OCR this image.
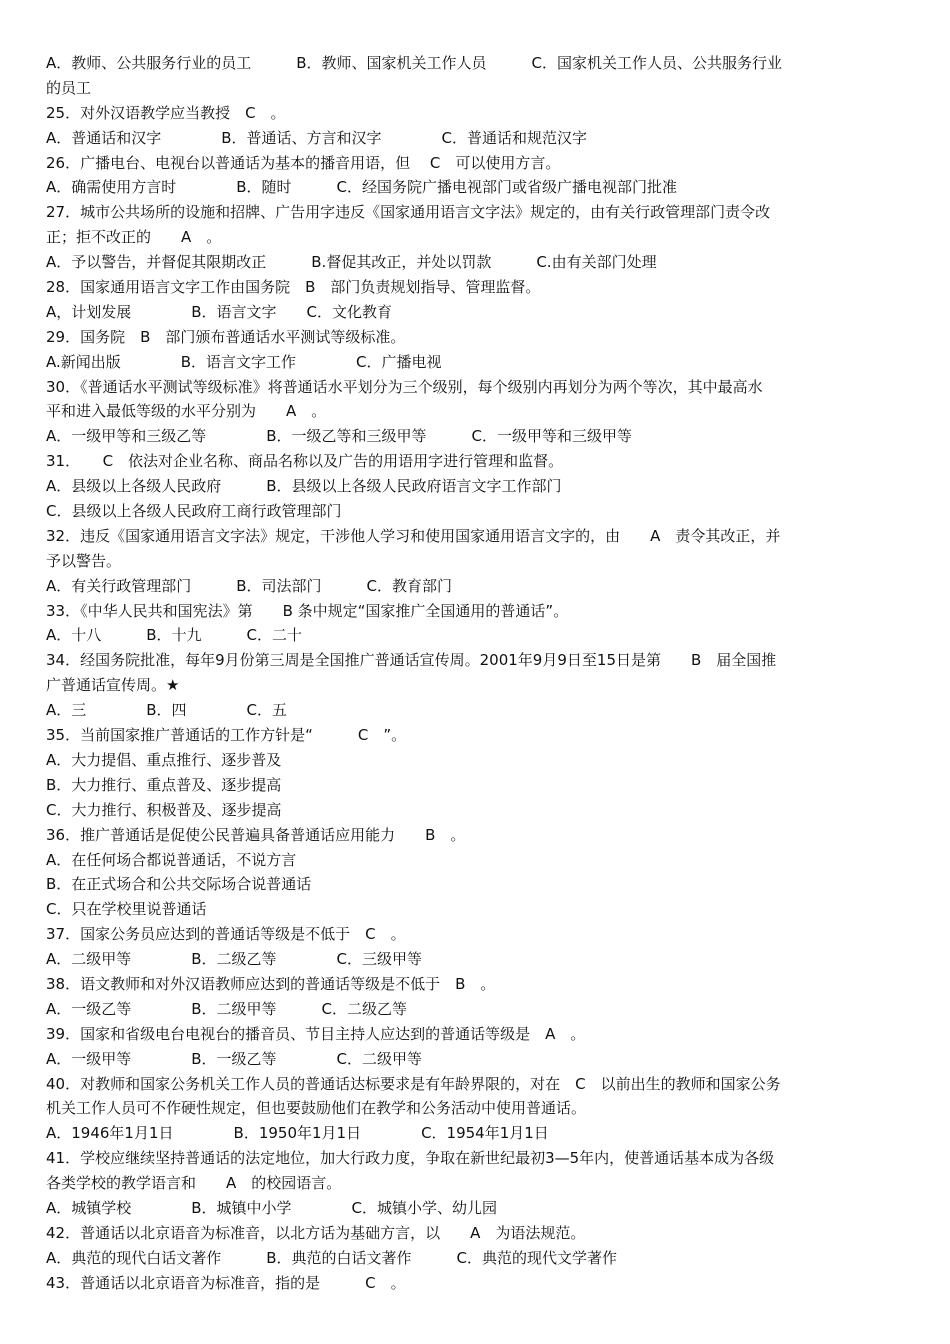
A．教师、公共服务行业的员工　　　B．教师、国家机关工作人员　　　C．国家机关工作人员、公共服务行业
的员工
25．对外汉语教学应当教授　C　。
A．普通话和汉字　　　　B．普通话、方言和汉字　　　　C．普通话和规范汉字
26．广播电台、电视台以普通话为基本的播音用语，但　 C　可以使用方言。
A．确需使用方言时　　　　B．随时　　　C．经国务院广播电视部门或省级广播电视部门批准
27．城市公共场所的设施和招牌、广告用字违反《国家通用语言文字法》规定的，由有关行政管理部门责令改
正；拒不改正的　　A　。
A．予以警告，并督促其限期改正　　　B.督促其改正，并处以罚款　　　C.由有关部门处理
28．国家通用语言文字工作由国务院　B　部门负责规划指导、管理监督。
A，计划发展　　　　B．语言文字　　C．文化教育
29．国务院　B　部门颁布普通话水平测试等级标准。
A.新闻出版　　　　B．语言文字工作　　　　C．广播电视
30．《普通话水平测试等级标准》将普通话水平划分为三个级别，每个级别内再划分为两个等次，其中最高水
平和进入最低等级的水平分别为　　A　。
A．一级甲等和三级乙等　　　　B．一级乙等和三级甲等　　　C．一级甲等和三级甲等
31．　　C　依法对企业名称、商品名称以及广告的用语用字进行管理和监督。
A．县级以上各级人民政府　　　B．县级以上各级人民政府语言文字工作部门
C．县级以上各级人民政府工商行政管理部门
32．违反《国家通用语言文字法》规定，干涉他人学习和使用国家通用语言文字的，由　　A　责令其改正，并
予以警告。
A．有关行政管理部门　　　B．司法部门　　　C．教育部门
33．《中华人民共和国宪法》第　　B 条中规定“国家推广全国通用的普通话”。
A．十八　　　B．十九　　　C．二十
34．经国务院批准，每年9月份第三周是全国推广普通话宣传周。2001年9月9日至15日是第　　B　届全国推
广普通话宣传周。★
A．三　　　　B．四　　　　C．五
35．当前国家推广普通话的工作方针是“　　　C　”。
A．大力提倡、重点推行、逐步普及
B．大力推行、重点普及、逐步提高
C．大力推行、积极普及、逐步提高
36．推广普通话是促使公民普遍具备普通话应用能力　　B　。
A．在任何场合都说普通话，不说方言
B．在正式场合和公共交际场合说普通话
C．只在学校里说普通话
37．国家公务员应达到的普通话等级是不低于　C　。
A．二级甲等　　　　B．二级乙等　　　　C．三级甲等
38．语文教师和对外汉语教师应达到的普通话等级是不低于　B　。
A．一级乙等　　　　B．二级甲等　　　C．二级乙等
39．国家和省级电台电视台的播音员、节目主持人应达到的普通话等级是　A　。
A．一级甲等　　　　B．一级乙等　　　　C．二级甲等
40．对教师和国家公务机关工作人员的普通话达标要求是有年龄界限的，对在　C　以前出生的教师和国家公务
机关工作人员可不作硬性规定，但也要鼓励他们在教学和公务活动中使用普通话。
A．1946年1月1日　　　　B．1950年1月1日　　　　C．1954年1月1日
41．学校应继续坚持普通话的法定地位，加大行政力度，争取在新世纪最初3—5年内，使普通话基本成为各级
各类学校的教学语言和　　A　的校园语言。
A．城镇学校　　　　B．城镇中小学　　　　C．城镇小学、幼儿园
42．普通话以北京语音为标准音，以北方话为基础方言，以　　A　为语法规范。
A．典范的现代白话文著作　　　B．典范的白话文著作　　　C．典范的现代文学著作
43．普通话以北京语音为标准音，指的是　　　C　。
